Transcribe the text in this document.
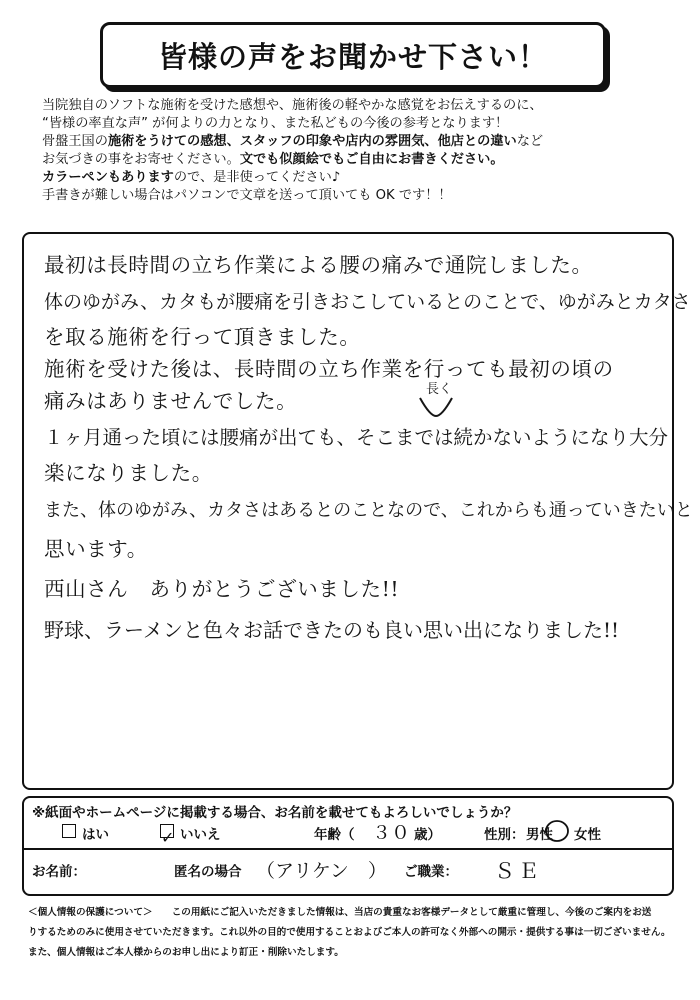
皆様の声をお聞かせ下さい！
当院独自のソフトな施術を受けた感想や、施術後の軽やかな感覚をお伝えするのに、
“皆様の率直な声” が何よりの力となり、また私どもの今後の参考となります！
骨盤王国の施術をうけての感想、スタッフの印象や店内の雰囲気、他店との違いなど
お気づきの事をお寄せください。文でも似顔絵でもご自由にお書きください。
カラーペンもありますので、是非使ってください♪
手書きが難しい場合はパソコンで文章を送って頂いても OK です！！
最初は長時間の立ち作業による腰の痛みで通院しました。
体のゆがみ、カタもが腰痛を引きおこしているとのことで、ゆがみとカタさ
を取る施術を行って頂きました。
施術を受けた後は、長時間の立ち作業を行っても最初の頃の
痛みはありませんでした。	長く
１ヶ月通った頃には腰痛が出ても、そこまでは続かないようになり大分
楽になりました。
また、体のゆがみ、カタさはあるとのことなので、これからも通っていきたいと
思います。
西山さん　ありがとうございました!!
野球、ラーメンと色々お話できたのも良い思い出になりました!!
※紙面やホームページに掲載する場合、お名前を載せてもよろしいでしょうか？
はい	✓ いいえ	年齢（ ３０ 歳）	性別： 男性 女性
お名前：	匿名の場合 （アリケン　） ご職業： ＳＥ
＜個人情報の保護について＞　　この用紙にご記入いただきました情報は、当店の貴重なお客様データとして厳重に管理し、今後のご案内をお送
りするためのみに使用させていただきます。これ以外の目的で使用することおよびご本人の許可なく外部への開示・提供する事は一切ございません。
また、個人情報はご本人様からのお申し出により訂正・削除いたします。
